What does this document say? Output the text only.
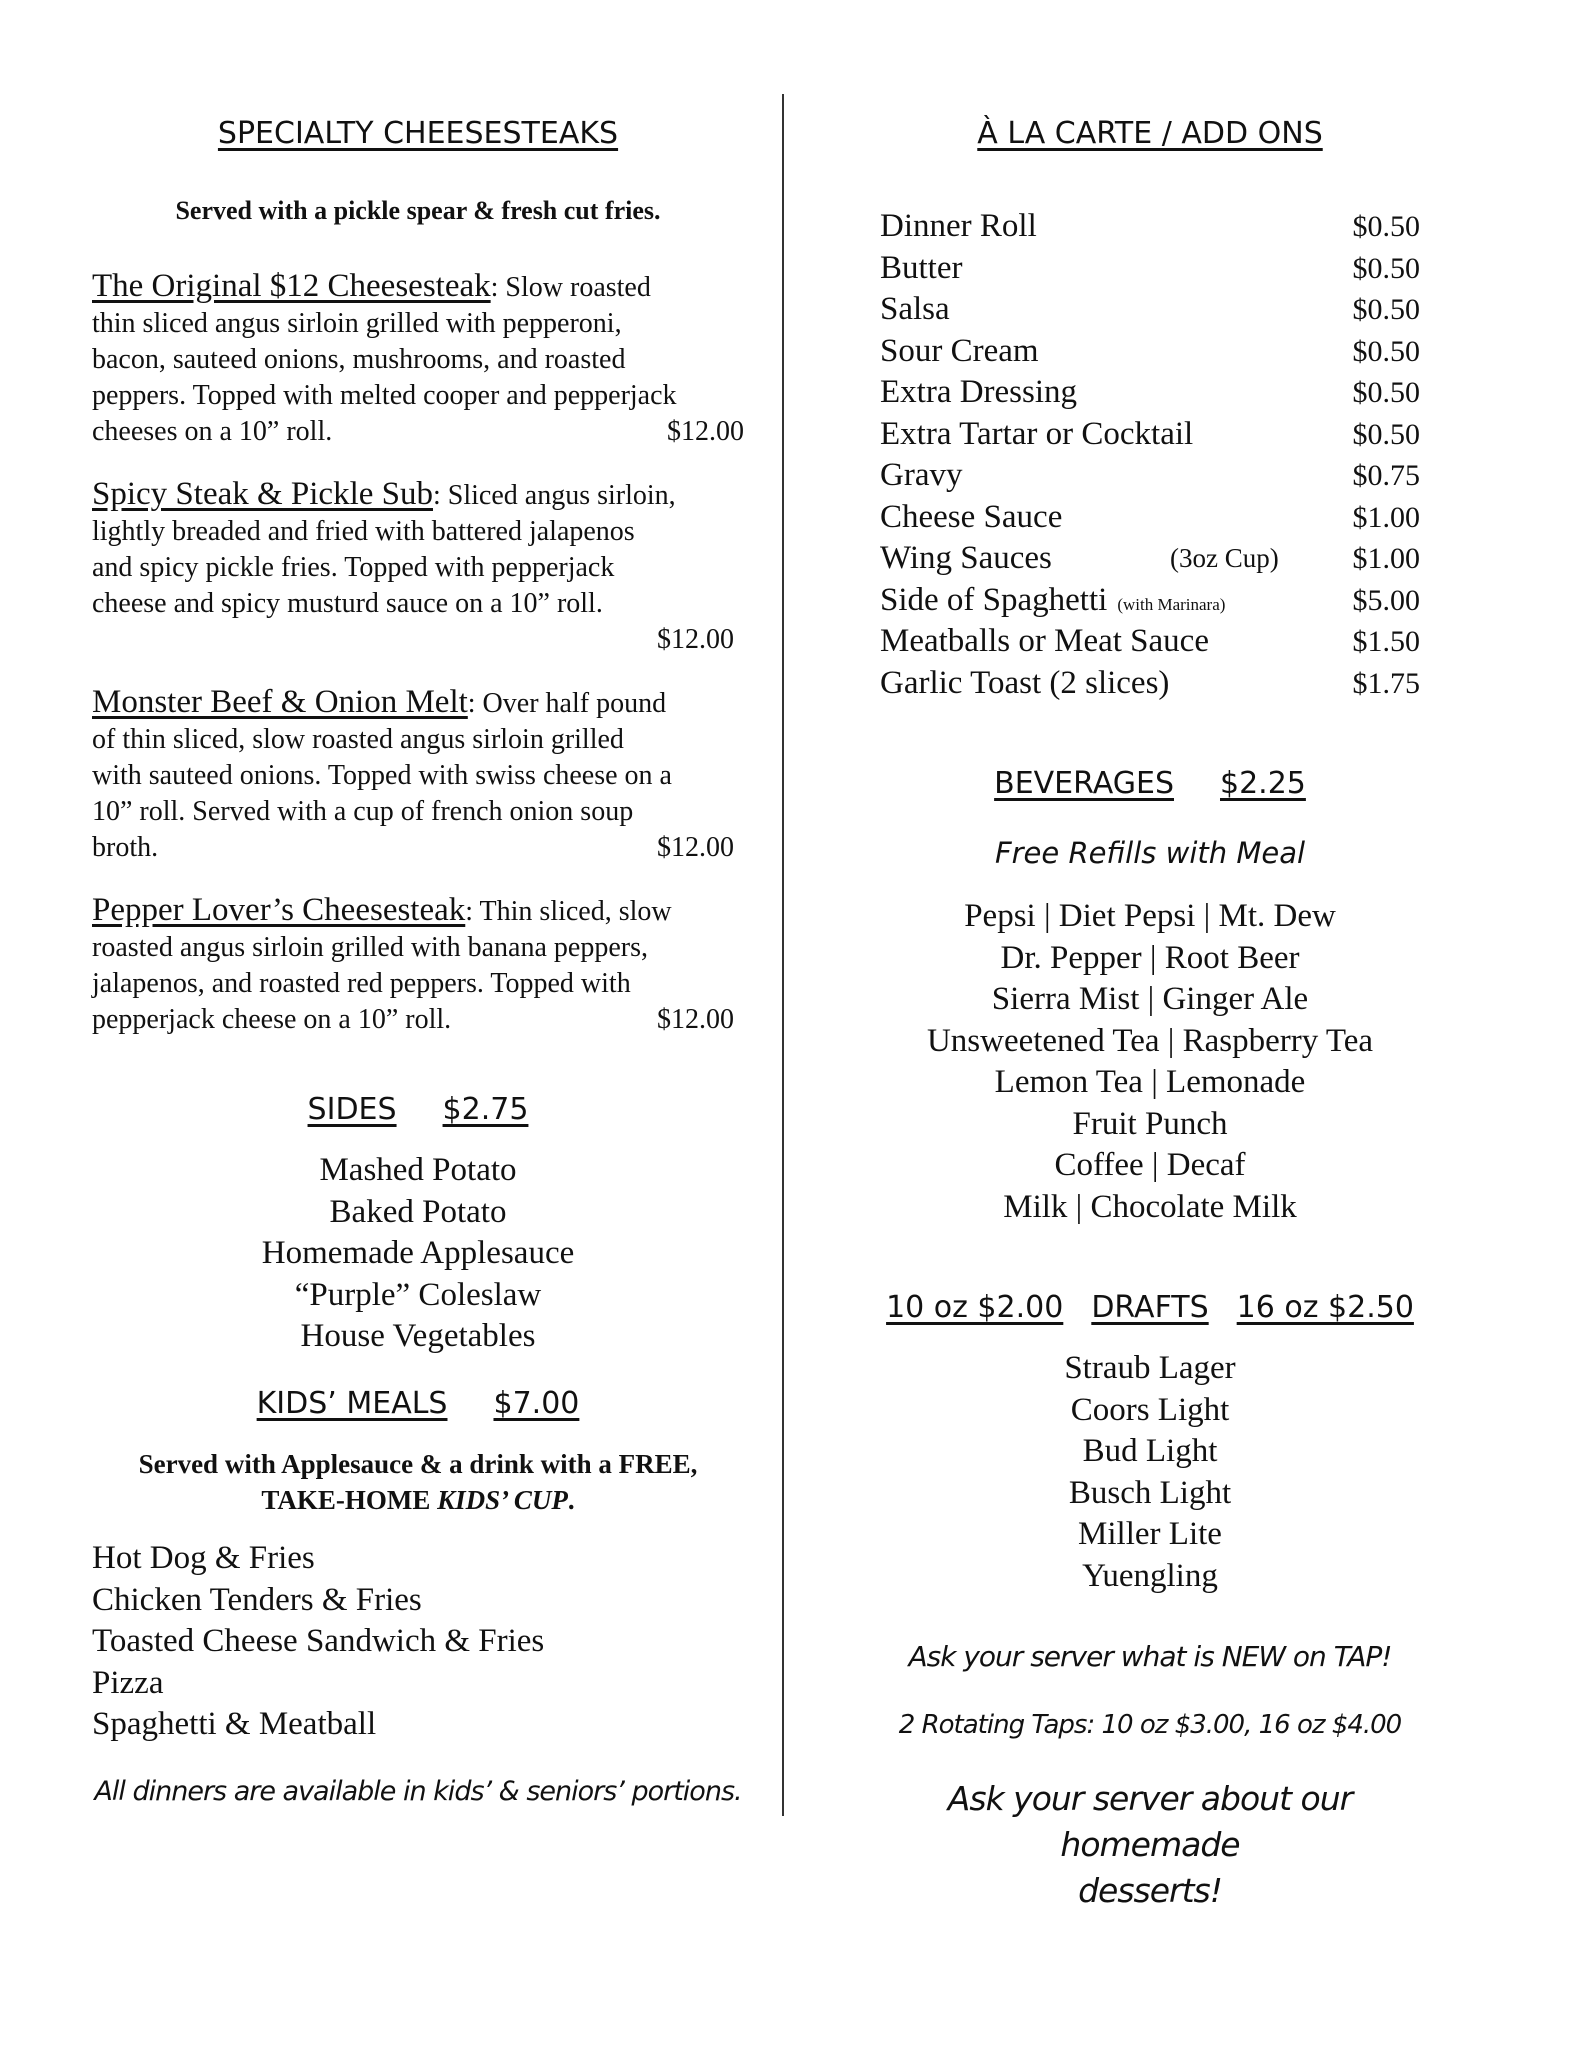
SPECIALTY CHEESESTEAKS
Served with a pickle spear & fresh cut fries.
The Original $12 Cheesesteak: Slow roasted
thin sliced angus sirloin grilled with pepperoni,
bacon, sauteed onions, mushrooms, and roasted
peppers. Topped with melted cooper and pepperjack
cheeses on a 10” roll.	$12.00
Spicy Steak & Pickle Sub: Sliced angus sirloin,
lightly breaded and fried with battered jalapenos
and spicy pickle fries. Topped with pepperjack
cheese and spicy musturd sauce on a 10” roll.
$12.00
Monster Beef & Onion Melt: Over half pound
of thin sliced, slow roasted angus sirloin grilled
with sauteed onions. Topped with swiss cheese on a
10” roll. Served with a cup of french onion soup
broth.	$12.00
Pepper Lover’s Cheesesteak: Thin sliced, slow
roasted angus sirloin grilled with banana peppers,
jalapenos, and roasted red peppers. Topped with
pepperjack cheese on a 10” roll.	$12.00
SIDES $2.75
Mashed Potato
Baked Potato
Homemade Applesauce
“Purple” Coleslaw
House Vegetables
KIDS’ MEALS $7.00
Served with Applesauce & a drink with a FREE,
TAKE-HOME KIDS’ CUP.
Hot Dog & Fries
Chicken Tenders & Fries
Toasted Cheese Sandwich & Fries
Pizza
Spaghetti & Meatball
All dinners are available in kids’ & seniors’ portions.
À LA CARTE / ADD ONS
Dinner Roll	$0.50
Butter	$0.50
Salsa	$0.50
Sour Cream	$0.50
Extra Dressing	$0.50
Extra Tartar or Cocktail	$0.50
Gravy	$0.75
Cheese Sauce	$1.00
Wing Sauces	(3oz Cup) $1.00
Side of Spaghetti (with Marinara)	$5.00
Meatballs or Meat Sauce	$1.50
Garlic Toast (2 slices)	$1.75
BEVERAGES $2.25
Free Refills with Meal
Pepsi | Diet Pepsi | Mt. Dew
Dr. Pepper | Root Beer
Sierra Mist | Ginger Ale
Unsweetened Tea | Raspberry Tea
Lemon Tea | Lemonade
Fruit Punch
Coffee | Decaf
Milk | Chocolate Milk
10 oz $2.00 DRAFTS 16 oz $2.50
Straub Lager
Coors Light
Bud Light
Busch Light
Miller Lite
Yuengling
Ask your server what is NEW on TAP!
2 Rotating Taps: 10 oz $3.00, 16 oz $4.00
Ask your server about our homemade
desserts!
